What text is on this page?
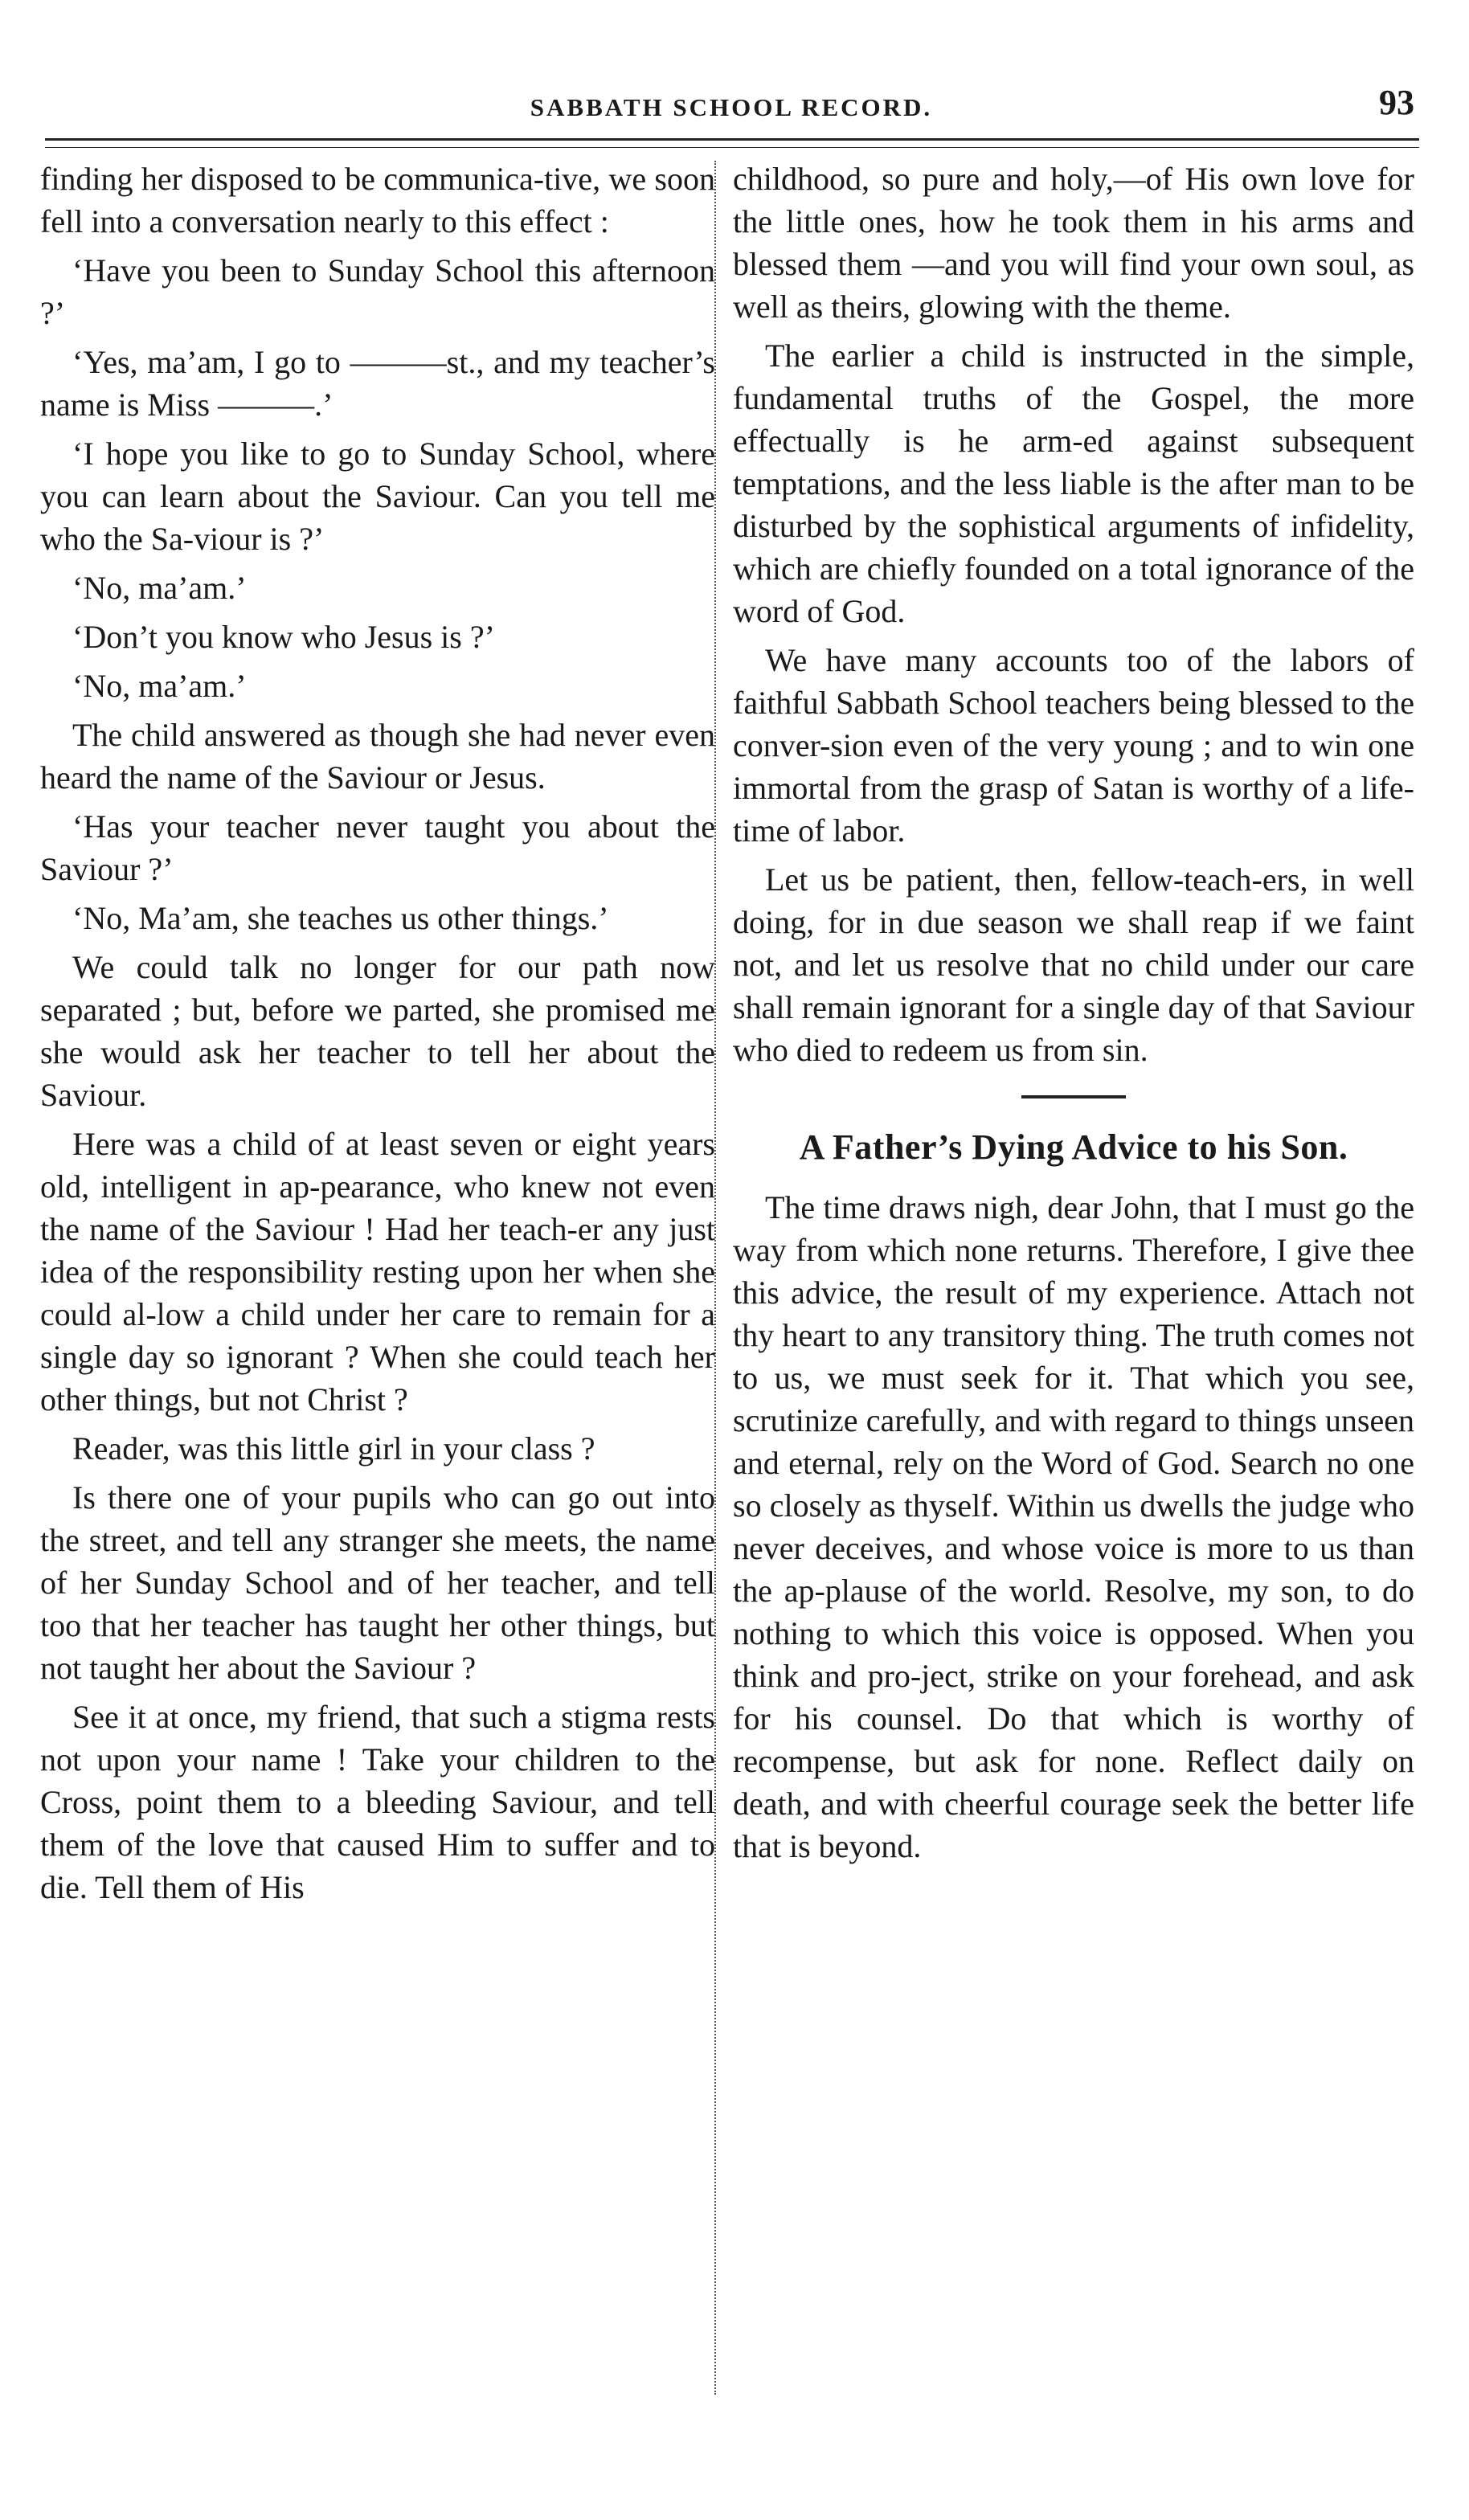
SABBATH SCHOOL RECORD.	93

finding her disposed to be communica-tive, we soon fell into a conversation nearly to this effect :

‘Have you been to Sunday School this afternoon ?’

‘Yes, ma’am, I go to ———st., and my teacher’s name is Miss ———.’

‘I hope you like to go to Sunday School, where you can learn about the Saviour. Can you tell me who the Sa-viour is ?’

‘No, ma’am.’

‘Don’t you know who Jesus is ?’

‘No, ma’am.’

The child answered as though she had never even heard the name of the Saviour or Jesus.

‘Has your teacher never taught you about the Saviour ?’

‘No, Ma’am, she teaches us other things.’

We could talk no longer for our path now separated ; but, before we parted, she promised me she would ask her teacher to tell her about the Saviour.

Here was a child of at least seven or eight years old, intelligent in ap-pearance, who knew not even the name of the Saviour ! Had her teach-er any just idea of the responsibility resting upon her when she could al-low a child under her care to remain for a single day so ignorant ? When she could teach her other things, but not Christ ?

Reader, was this little girl in your class ?

Is there one of your pupils who can go out into the street, and tell any stranger she meets, the name of her Sunday School and of her teacher, and tell too that her teacher has taught her other things, but not taught her about the Saviour ?

See it at once, my friend, that such a stigma rests not upon your name ! Take your children to the Cross, point them to a bleeding Saviour, and tell them of the love that caused Him to suffer and to die. Tell them of His

childhood, so pure and holy,—of His own love for the little ones, how he took them in his arms and blessed them —and you will find your own soul, as well as theirs, glowing with the theme.

The earlier a child is instructed in the simple, fundamental truths of the Gospel, the more effectually is he arm-ed against subsequent temptations, and the less liable is the after man to be disturbed by the sophistical arguments of infidelity, which are chiefly founded on a total ignorance of the word of God.

We have many accounts too of the labors of faithful Sabbath School teachers being blessed to the conver-sion even of the very young ; and to win one immortal from the grasp of Satan is worthy of a life-time of labor.

Let us be patient, then, fellow-teach-ers, in well doing, for in due season we shall reap if we faint not, and let us resolve that no child under our care shall remain ignorant for a single day of that Saviour who died to redeem us from sin.

A Father’s Dying Advice to his Son.

The time draws nigh, dear John, that I must go the way from which none returns. Therefore, I give thee this advice, the result of my experience. Attach not thy heart to any transitory thing. The truth comes not to us, we must seek for it. That which you see, scrutinize carefully, and with regard to things unseen and eternal, rely on the Word of God. Search no one so closely as thyself. Within us dwells the judge who never deceives, and whose voice is more to us than the ap-plause of the world. Resolve, my son, to do nothing to which this voice is opposed. When you think and pro-ject, strike on your forehead, and ask for his counsel. Do that which is worthy of recompense, but ask for none. Reflect daily on death, and with cheerful courage seek the better life that is beyond.
